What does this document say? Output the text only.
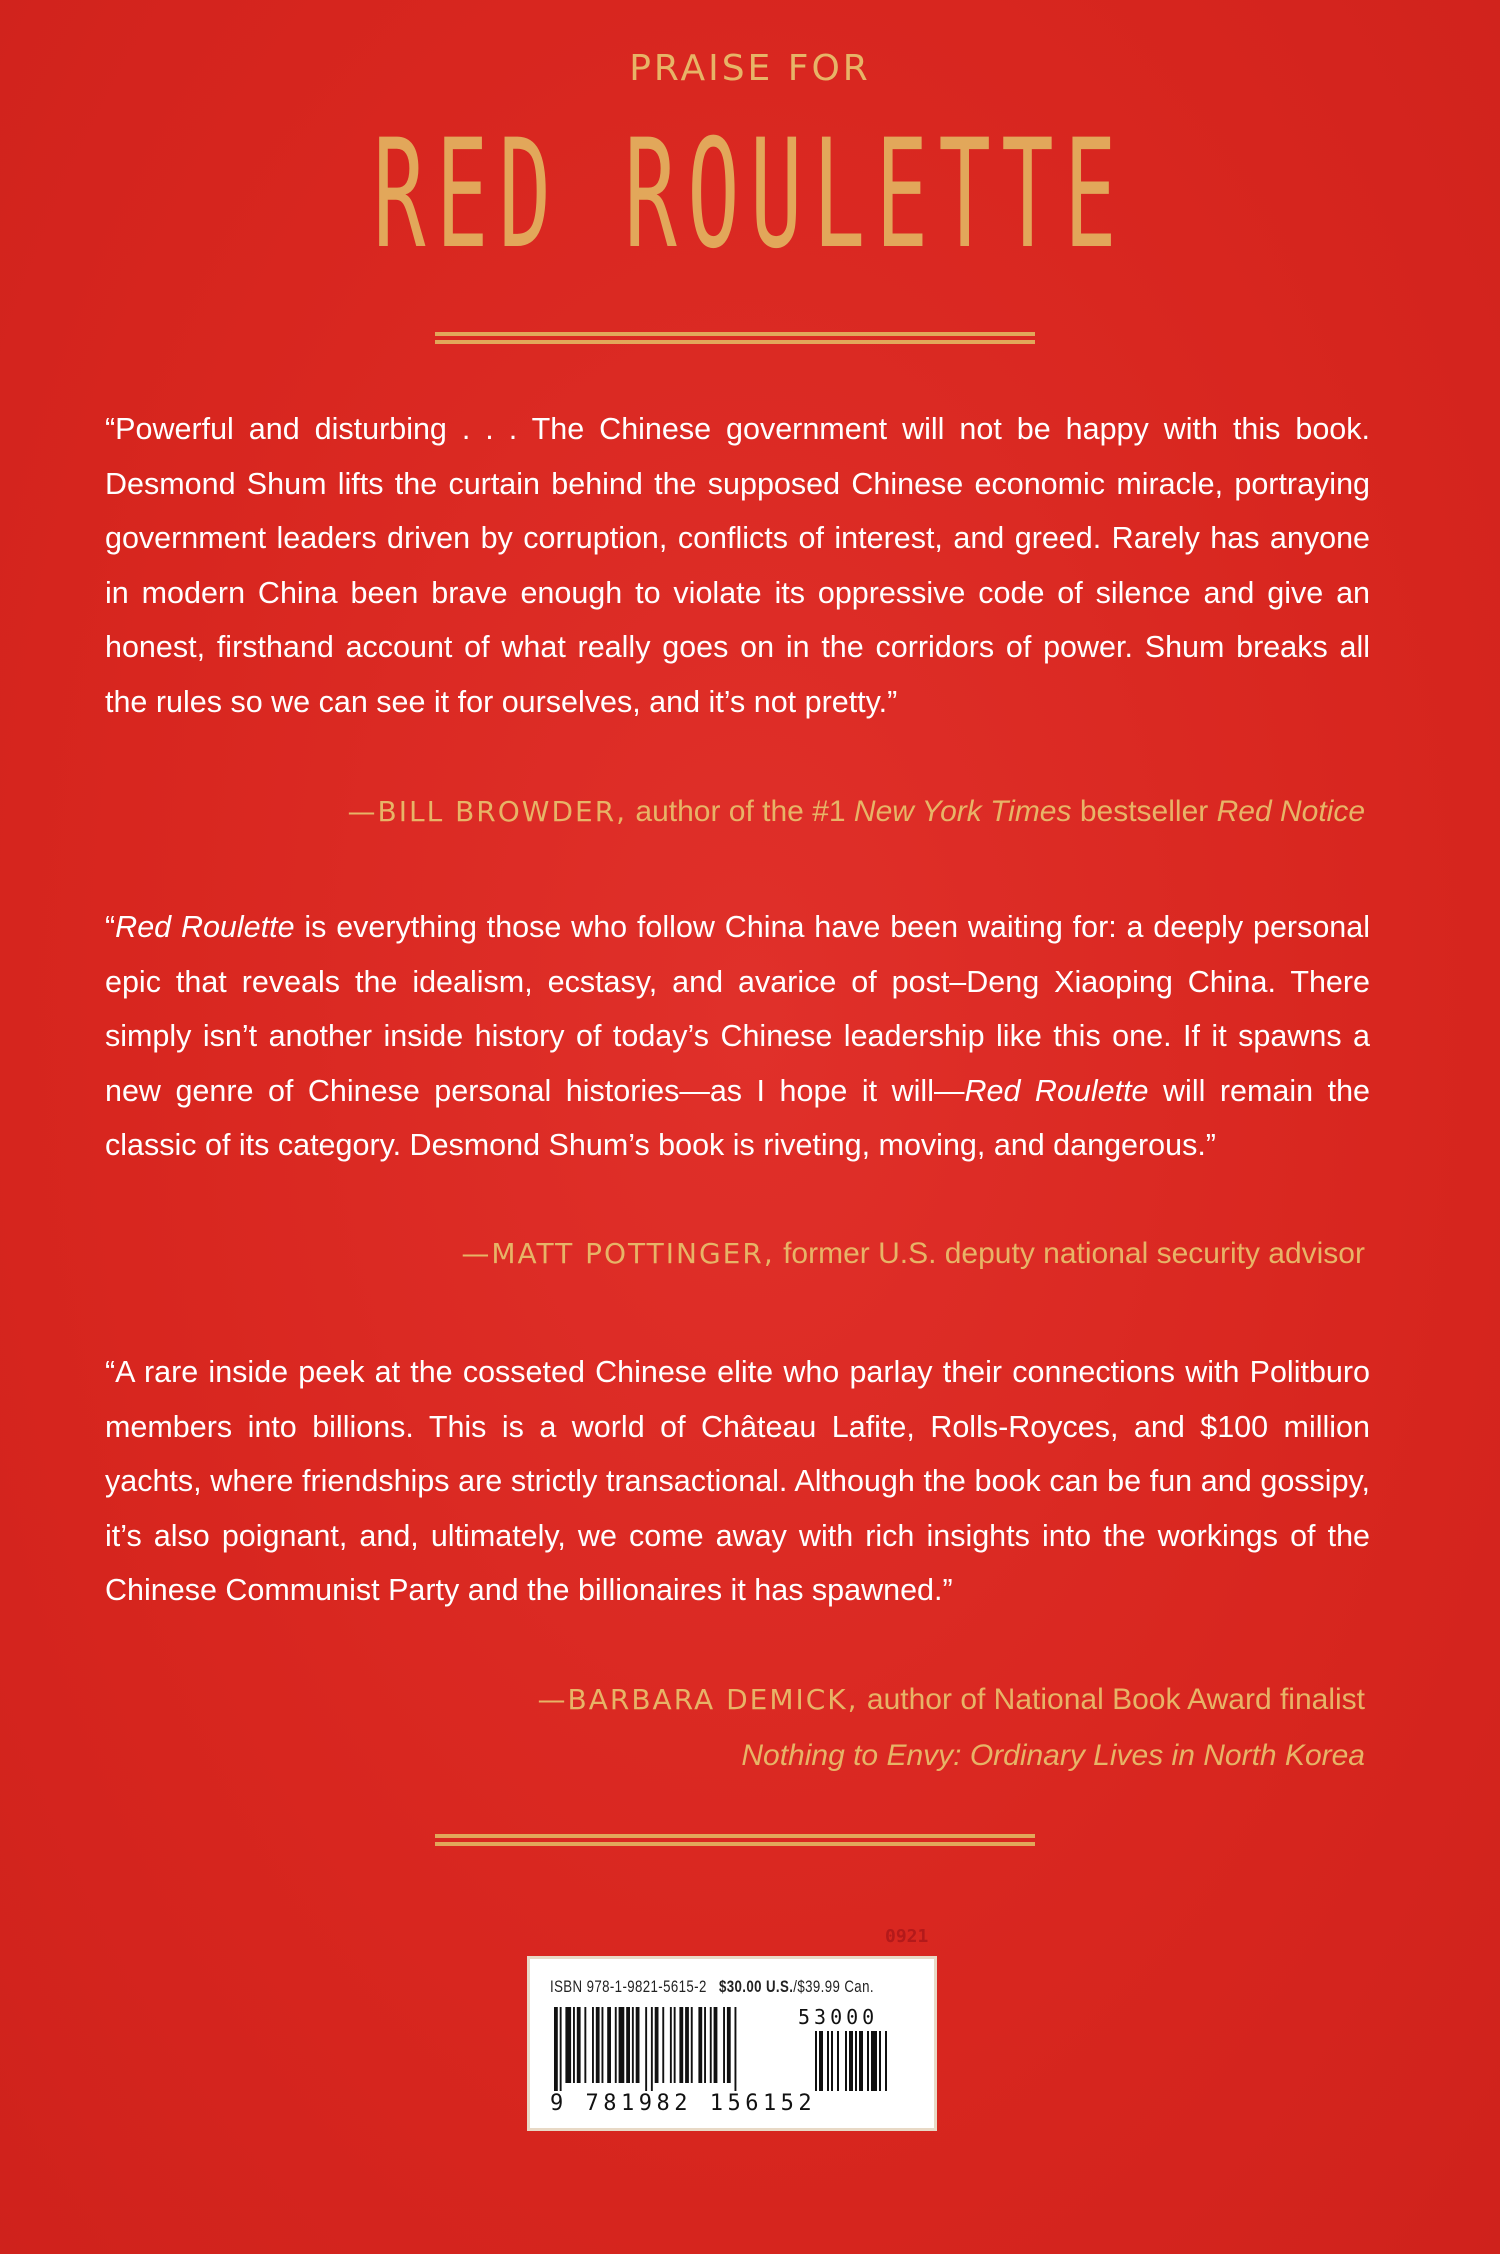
PRAISE FOR
RED ROULETTE

“Powerful and disturbing . . . The Chinese government will not be happy with this book. Desmond Shum lifts the curtain behind the supposed Chinese economic miracle, portraying government leaders driven by corruption, conflicts of interest, and greed. Rarely has anyone in modern China been brave enough to violate its oppressive code of silence and give an honest, firsthand account of what really goes on in the corridors of power. Shum breaks all the rules so we can see it for ourselves, and it’s not pretty.”

—BILL BROWDER, author of the #1 New York Times bestseller Red Notice

“Red Roulette is everything those who follow China have been waiting for: a deeply personal epic that reveals the idealism, ecstasy, and avarice of post–Deng Xiaoping China. There simply isn’t another inside history of today’s Chinese leadership like this one. If it spawns a new genre of Chinese personal histories—as I hope it will—Red Roulette will remain the classic of its category. Desmond Shum’s book is riveting, moving, and dangerous.”

—MATT POTTINGER, former U.S. deputy national security advisor

“A rare inside peek at the cosseted Chinese elite who parlay their connections with Politburo members into billions. This is a world of Château Lafite, Rolls-Royces, and $100 million yachts, where friendships are strictly transactional. Although the book can be fun and gossipy, it’s also poignant, and, ultimately, we come away with rich insights into the workings of the Chinese Communist Party and the billionaires it has spawned.”

—BARBARA DEMICK, author of National Book Award finalist
Nothing to Envy: Ordinary Lives in North Korea
0921
ISBN 978-1-9821-5615-2 $30.00 U.S./$39.99 Can.
53000
9 781982 156152
